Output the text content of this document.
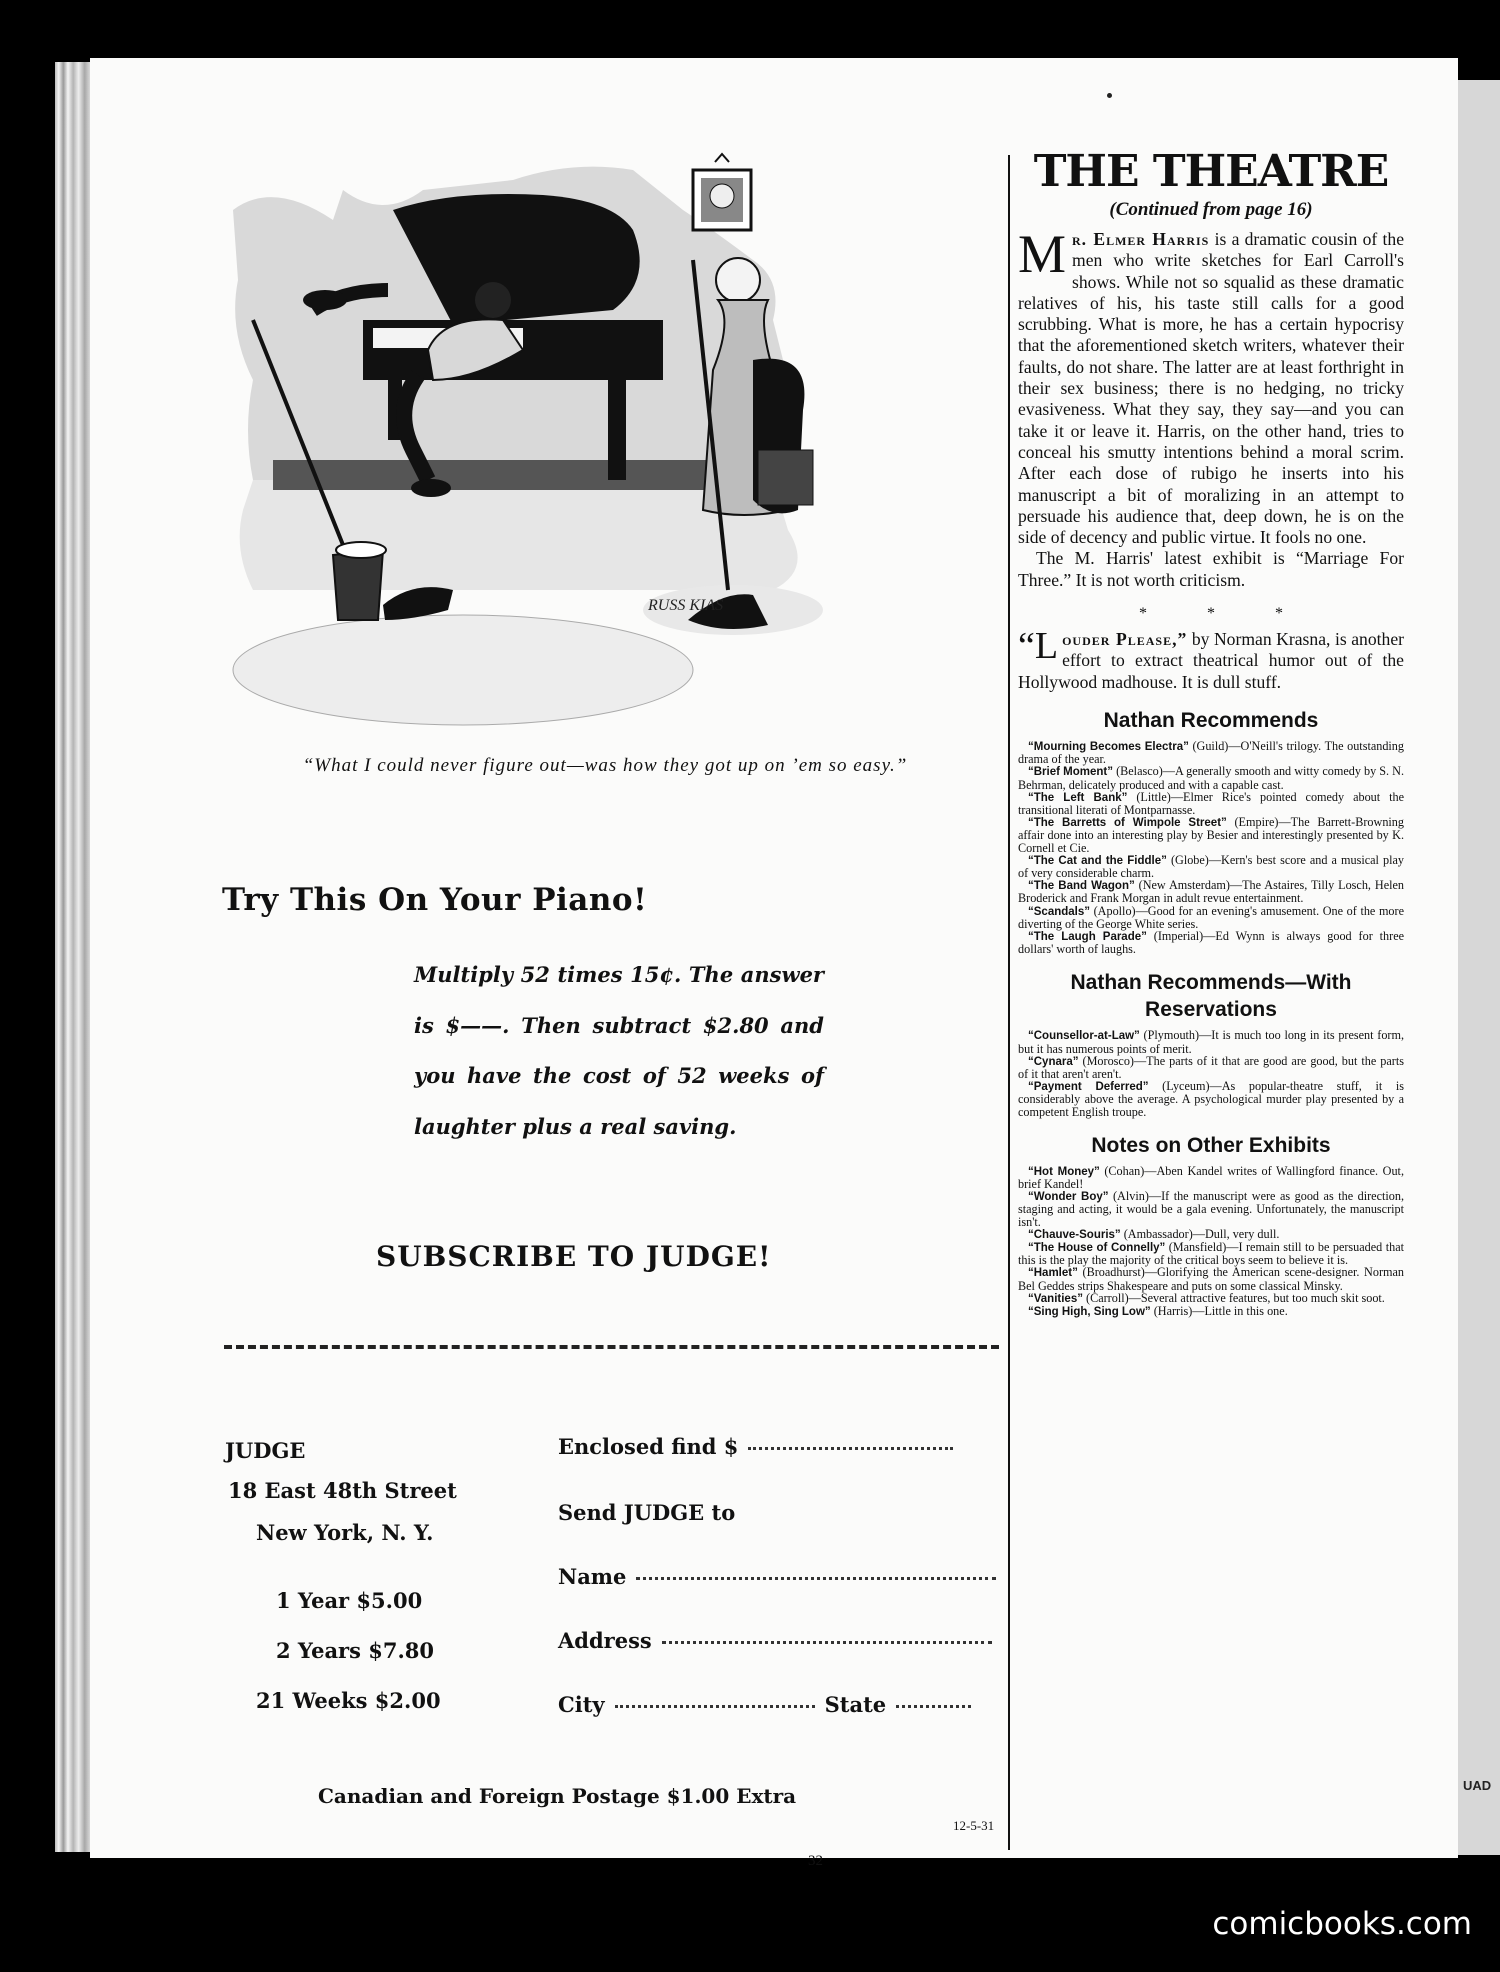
UAD
RUSS KIAS
“What I could never figure out—was how they got up on ’em so easy.”
Try This On Your Piano!
Multiply 52 times 15¢. The answer is $——. Then subtract $2.80 and you have the cost of 52 weeks of laughter plus a real saving.
SUBSCRIBE TO JUDGE!
JUDGE
18 East 48th Street
New York, N. Y.
1 Year $5.00
2 Years $7.80
21 Weeks $2.00
Enclosed find $
Send JUDGE to
Name
Address
City	State
Canadian and Foreign Postage $1.00 Extra
12-5-31
32
THE THEATRE
(Continued from page 16)

Mr. Elmer Harris is a dramatic cousin of the men who write sketches for Earl Carroll's shows. While not so squalid as these dramatic relatives of his, his taste still calls for a good scrubbing. What is more, he has a certain hypocrisy that the aforementioned sketch writers, whatever their faults, do not share. The latter are at least forthright in their sex business; there is no hedging, no tricky evasiveness. What they say, they say—and you can take it or leave it. Harris, on the other hand, tries to conceal his smutty intentions behind a moral scrim. After each dose of rubigo he inserts into his manuscript a bit of moralizing in an attempt to persuade his audience that, deep down, he is on the side of decency and public virtue. It fools no one.

The M. Harris' latest exhibit is “Marriage For Three.” It is not worth criticism.

* * *

“Louder Please,” by Norman Krasna, is another effort to extract theatrical humor out of the Hollywood madhouse. It is dull stuff.

Nathan Recommends

“Mourning Becomes Electra” (Guild)—O'Neill's trilogy. The outstanding drama of the year.

“Brief Moment” (Belasco)—A generally smooth and witty comedy by S. N. Behrman, delicately produced and with a capable cast.

“The Left Bank” (Little)—Elmer Rice's pointed comedy about the transitional literati of Montparnasse.

“The Barretts of Wimpole Street” (Empire)—The Barrett-Browning affair done into an interesting play by Besier and interestingly presented by K. Cornell et Cie.

“The Cat and the Fiddle” (Globe)—Kern's best score and a musical play of very considerable charm.

“The Band Wagon” (New Amsterdam)—The Astaires, Tilly Losch, Helen Broderick and Frank Morgan in adult revue entertainment.

“Scandals” (Apollo)—Good for an evening's amusement. One of the more diverting of the George White series.

“The Laugh Parade” (Imperial)—Ed Wynn is always good for three dollars' worth of laughs.

Nathan Recommends—With Reservations

“Counsellor-at-Law” (Plymouth)—It is much too long in its present form, but it has numerous points of merit.

“Cynara” (Morosco)—The parts of it that are good are good, but the parts of it that aren't aren't.

“Payment Deferred” (Lyceum)—As popular-theatre stuff, it is considerably above the average. A psychological murder play presented by a competent English troupe.

Notes on Other Exhibits

“Hot Money” (Cohan)—Aben Kandel writes of Wallingford finance. Out, brief Kandel!

“Wonder Boy” (Alvin)—If the manuscript were as good as the direction, staging and acting, it would be a gala evening. Unfortunately, the manuscript isn't.

“Chauve-Souris” (Ambassador)—Dull, very dull.

“The House of Connelly” (Mansfield)—I remain still to be persuaded that this is the play the majority of the critical boys seem to believe it is.

“Hamlet” (Broadhurst)—Glorifying the American scene-designer. Norman Bel Geddes strips Shakespeare and puts on some classical Minsky.

“Vanities” (Carroll)—Several attractive features, but too much skit soot.

“Sing High, Sing Low” (Harris)—Little in this one.

comicbooks.com
